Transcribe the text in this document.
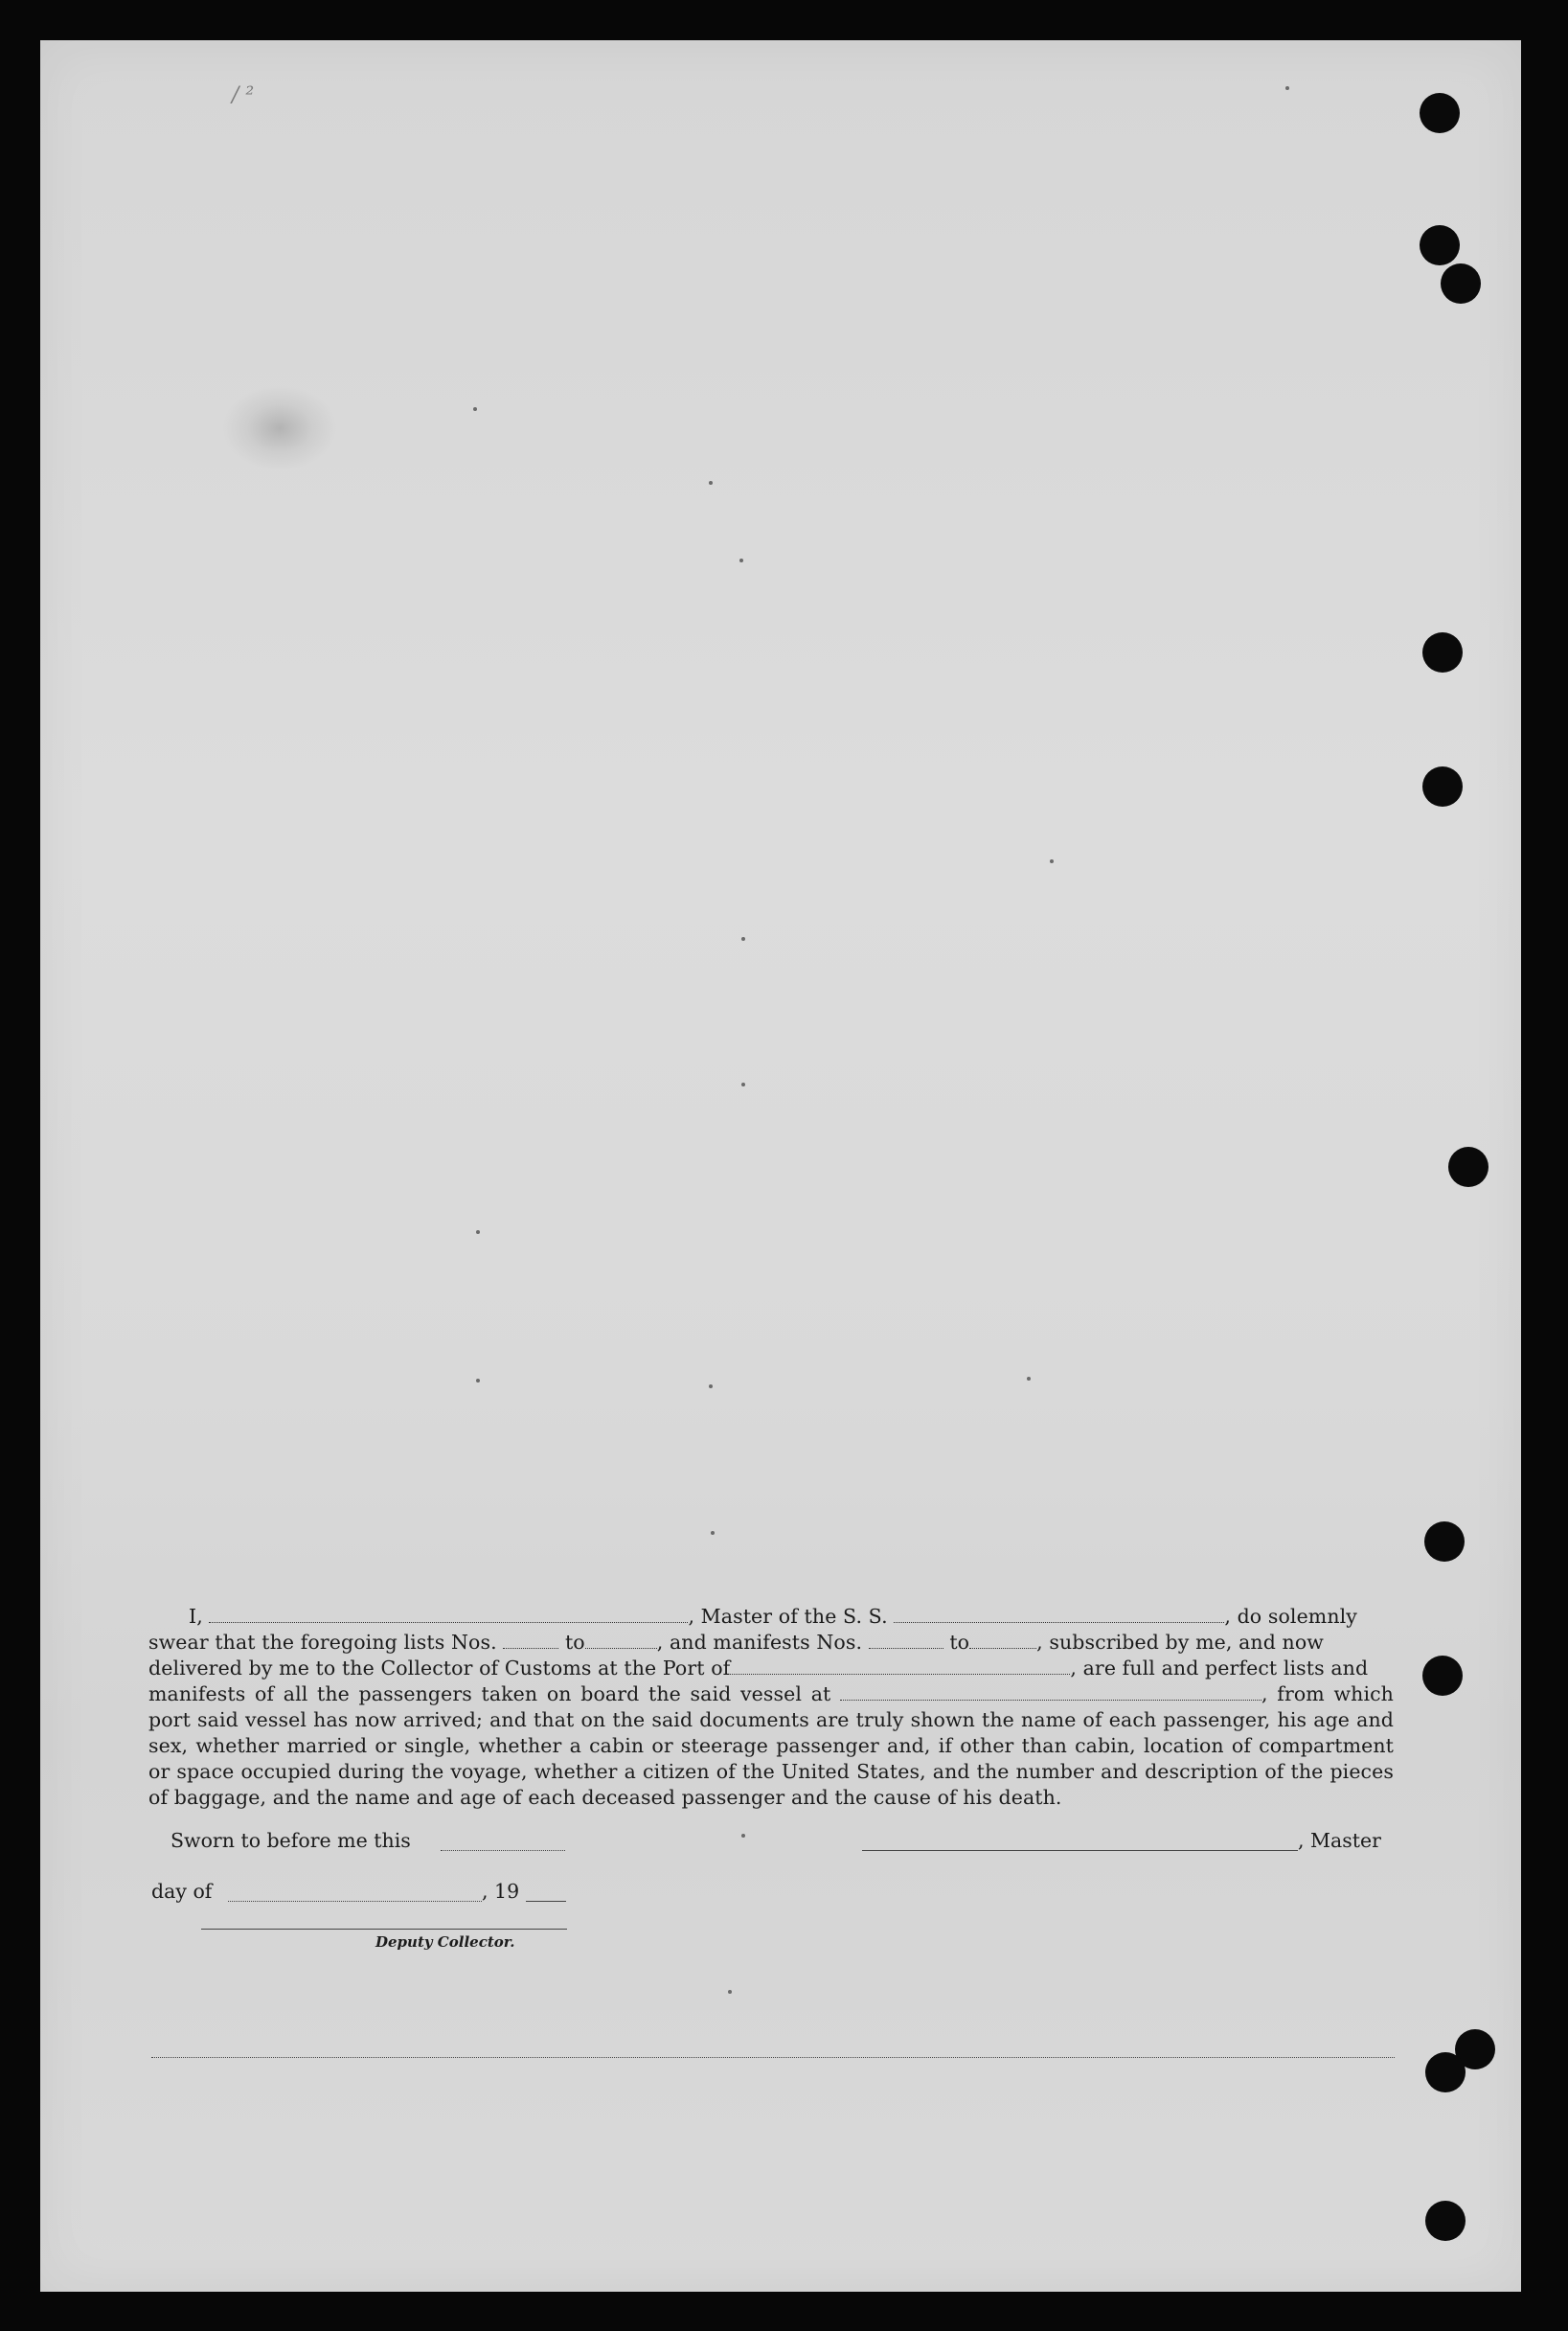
/ ²
I,	, Master of the S. S.	, do solemnly
swear that the foregoing lists Nos.	to	, and manifests Nos.	to	, subscribed by me, and now
delivered by me to the Collector of Customs at the Port of	, are full and perfect lists and
manifests of all the passengers taken on board the said vessel at	, from which port said vessel has now arrived; and that on the said documents are truly shown the name of each passenger, his age and sex, whether married or single, whether a cabin or steerage passenger and, if other than cabin, location of compartment or space occupied during the voyage, whether a citizen of the United States, and the number and description of the pieces of baggage, and the name and age of each deceased passenger and the cause of his death.
Sworn to before me this	, Master
day of	, 19
Deputy Collector.
